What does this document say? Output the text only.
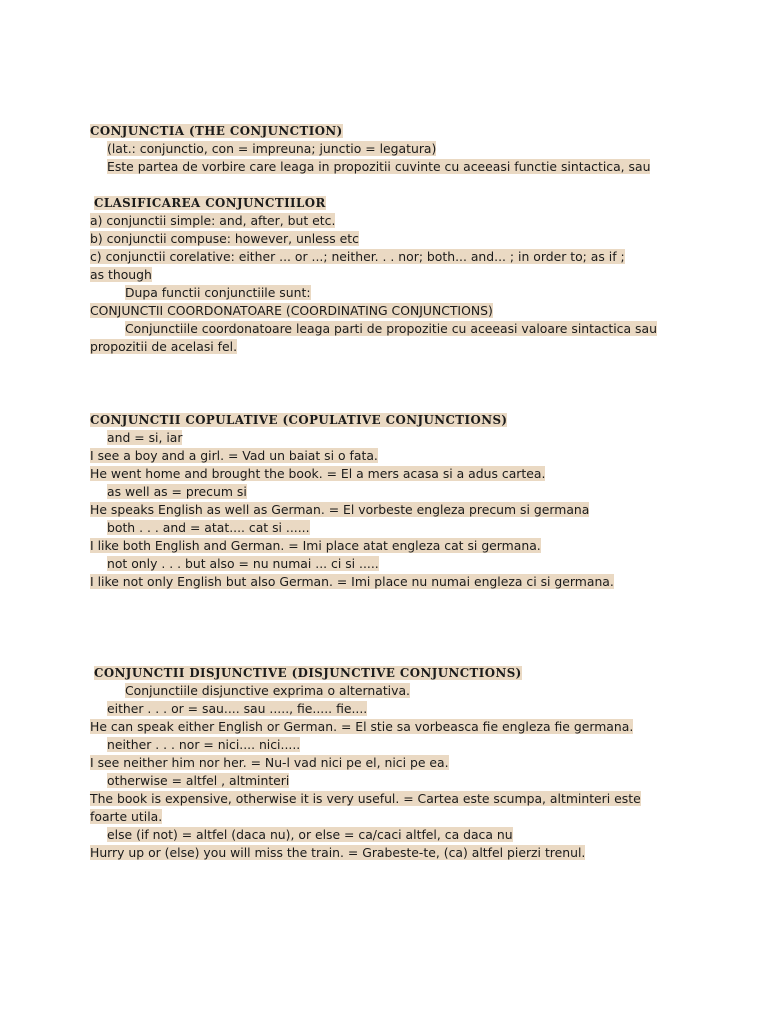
CONJUNCTIA (THE CONJUNCTION)
(lat.: conjunctio, con = impreuna; junctio = legatura)
Este partea de vorbire care leaga in propozitii cuvinte cu aceeasi functie sintactica, sau
CLASIFICAREA CONJUNCTIILOR
a) conjunctii simple: and, after, but etc.
b) conjunctii compuse: however, unless etc
c) conjunctii corelative: either ... or ...; neither. . . nor; both... and... ; in order to; as if ;
as though
Dupa functii conjunctiile sunt:
CONJUNCTII COORDONATOARE (COORDINATING CONJUNCTIONS)
Conjunctiile coordonatoare leaga parti de propozitie cu aceeasi valoare sintactica sau
propozitii de acelasi fel.
CONJUNCTII COPULATIVE (COPULATIVE CONJUNCTIONS)
and = si, iar
I see a boy and a girl. = Vad un baiat si o fata.
He went home and brought the book. = El a mers acasa si a adus cartea.
as well as = precum si
He speaks English as well as German. = El vorbeste engleza precum si germana
both . . . and = atat.... cat si ......
I like both English and German. = Imi place atat engleza cat si germana.
not only . . . but also = nu numai ... ci si .....
I like not only English but also German. = Imi place nu numai engleza ci si germana.
CONJUNCTII DISJUNCTIVE (DISJUNCTIVE CONJUNCTIONS)
Conjunctiile disjunctive exprima o alternativa.
either . . . or = sau.... sau ....., fie..... fie....
He can speak either English or German. = El stie sa vorbeasca fie engleza fie germana.
neither . . . nor = nici.... nici.....
I see neither him nor her. = Nu-l vad nici pe el, nici pe ea.
otherwise = altfel , altminteri
The book is expensive, otherwise it is very useful. = Cartea este scumpa, altminteri este
foarte utila.
else (if not) = altfel (daca nu), or else = ca/caci altfel, ca daca nu
Hurry up or (else) you will miss the train. = Grabeste-te, (ca) altfel pierzi trenul.
